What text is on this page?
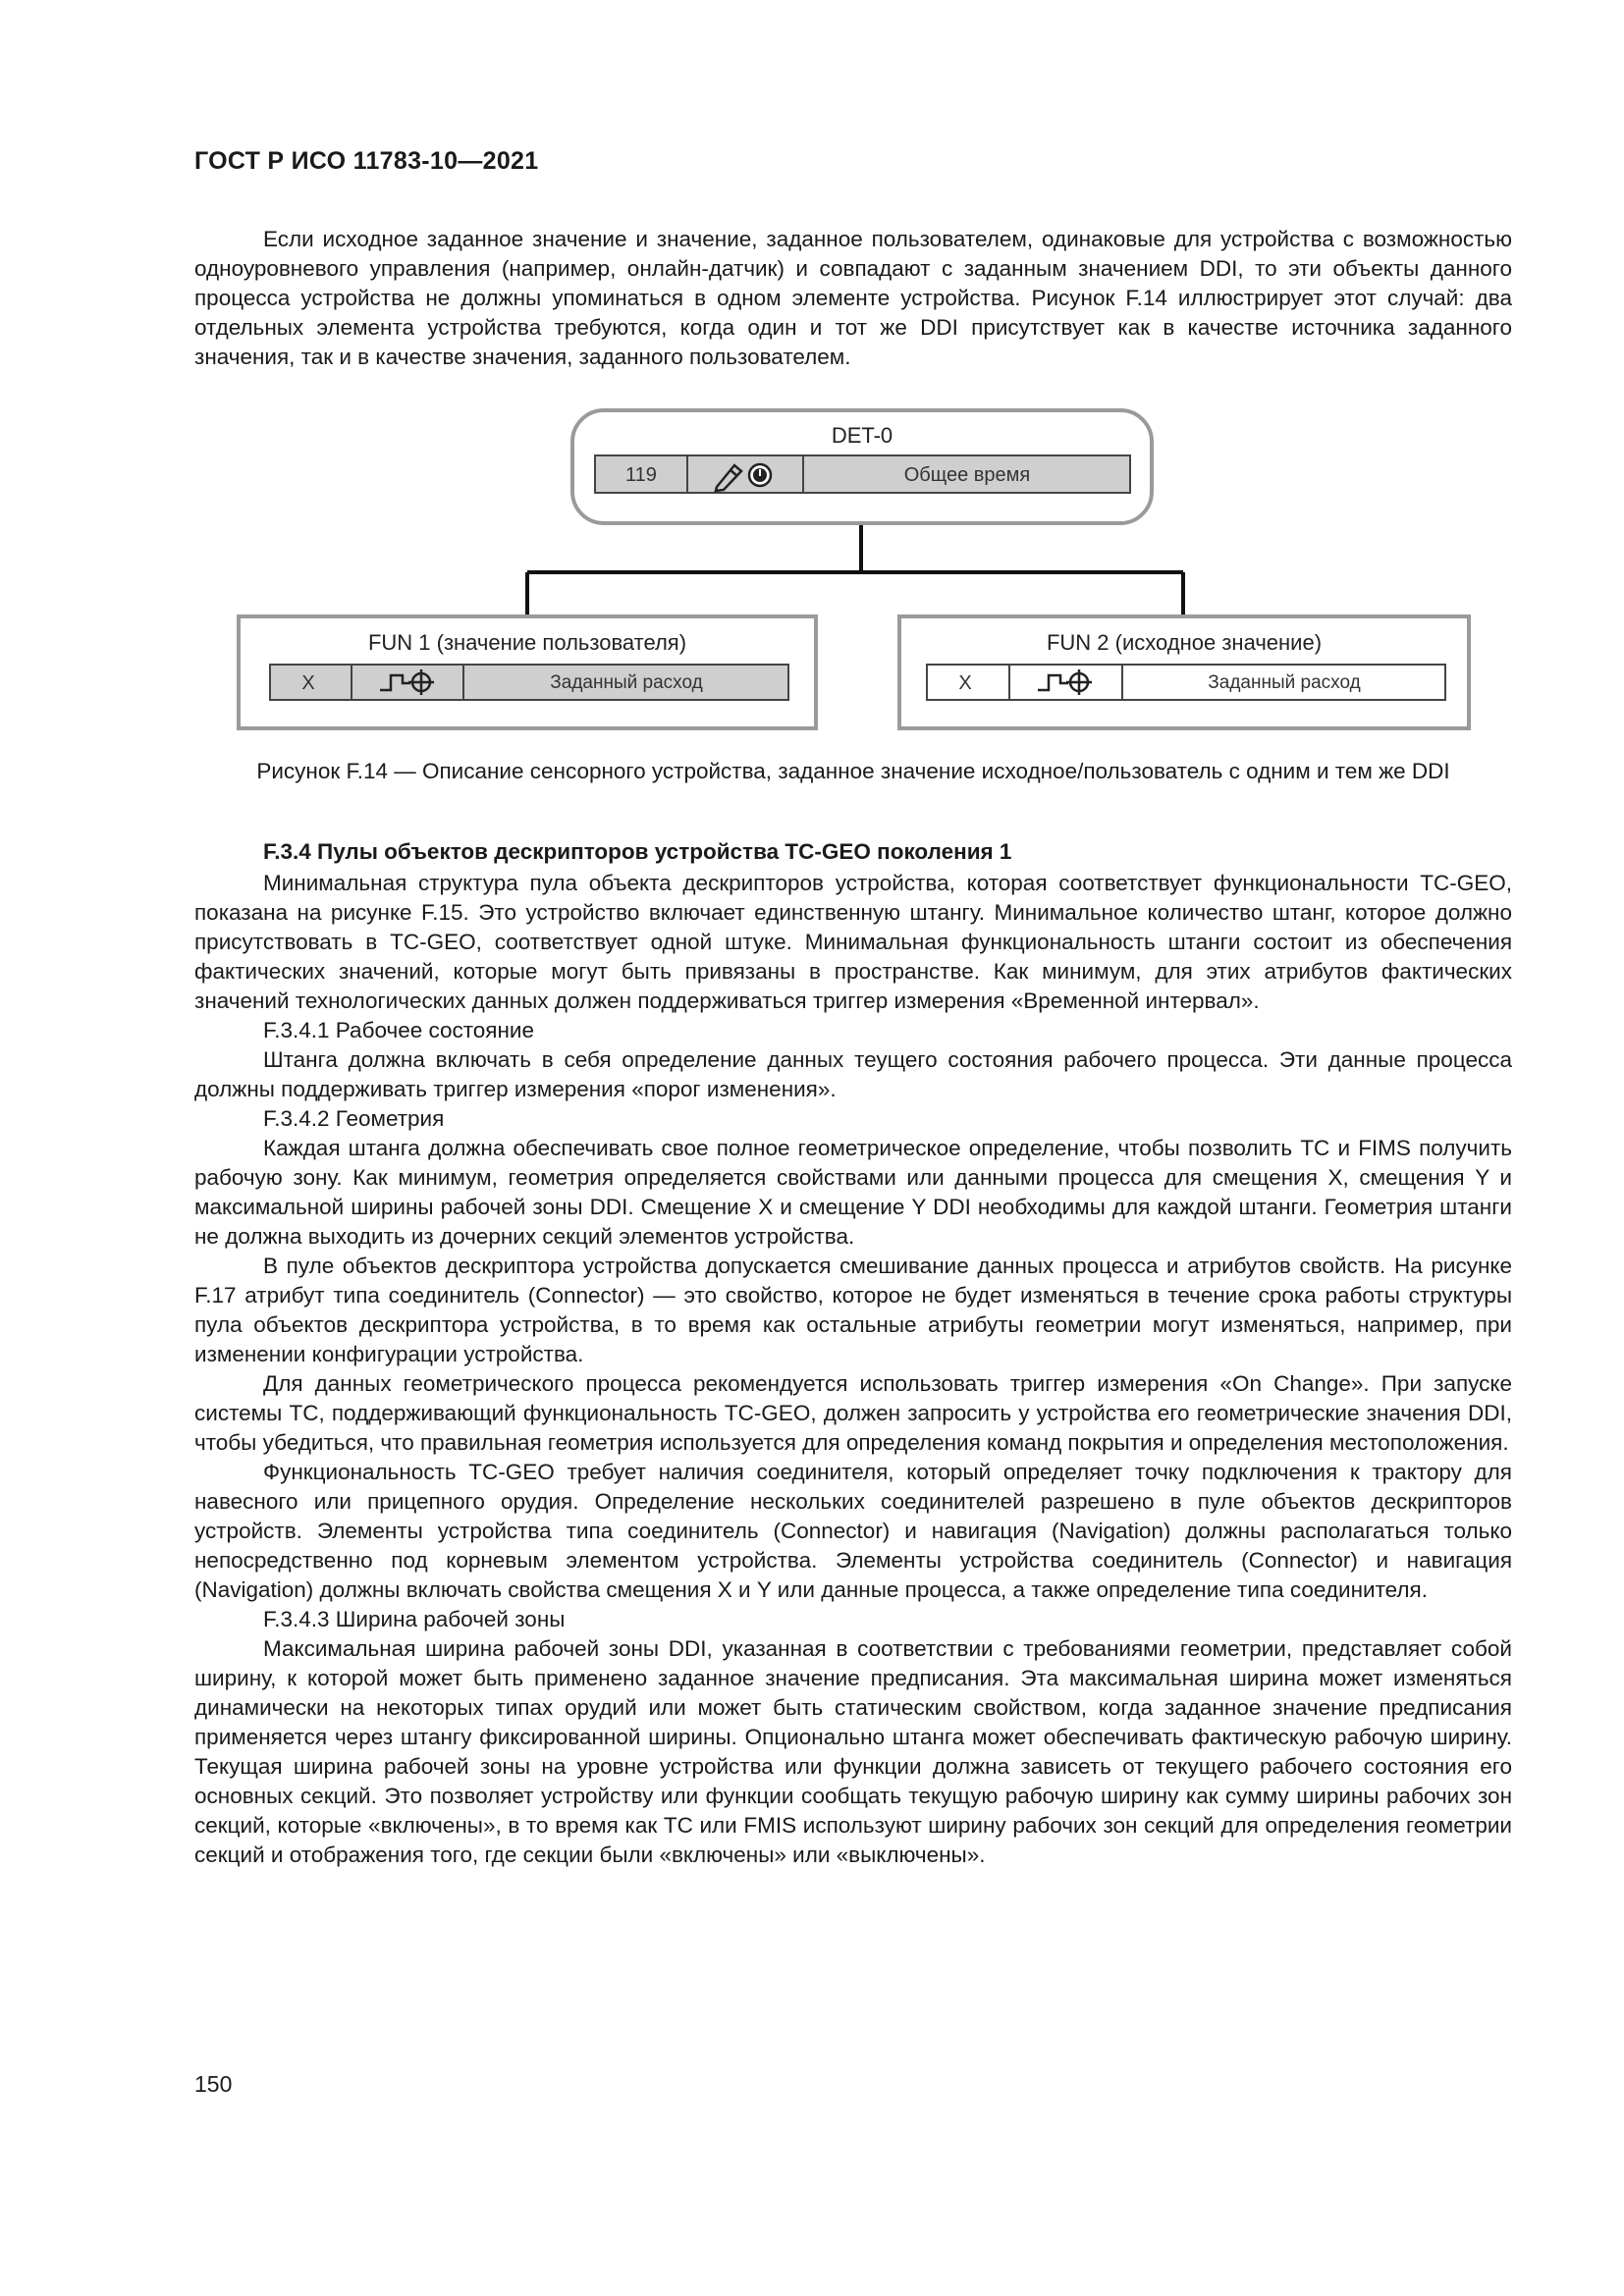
ГОСТ Р ИСО 11783-10—2021

Если исходное заданное значение и значение, заданное пользователем, одинаковые для устройства с возможностью одноуровневого управления (например, онлайн-датчик) и совпадают с заданным значением DDI, то эти объекты данного процесса устройства не должны упоминаться в одном элементе устройства. Рисунок F.14 иллюстрирует этот случай: два отдельных элемента устройства требуются, когда один и тот же DDI присутствует как в качестве источника заданного значения, так и в качестве значения, заданного пользователем.

DET-0
119	Общее время
FUN 1 (значение пользователя)
X	Заданный расход
FUN 2 (исходное значение)
X	Заданный расход
Рисунок F.14 — Описание сенсорного устройства, заданное значение исходное/пользователь с одним и тем же DDI
F.3.4 Пулы объектов дескрипторов устройства TC-GEO поколения 1

Минимальная структура пула объекта дескрипторов устройства, которая соответствует функциональности TC-GEO, показана на рисунке F.15. Это устройство включает единственную штангу. Минимальное количество штанг, которое должно присутствовать в TC-GEO, соответствует одной штуке. Минимальная функциональность штанги состоит из обеспечения фактических значений, которые могут быть привязаны в пространстве. Как минимум, для этих атрибутов фактических значений технологических данных должен поддерживаться триггер измерения «Временной интервал».

F.3.4.1 Рабочее состояние

Штанга должна включать в себя определение данных теущего состояния рабочего процесса. Эти данные процесса должны поддерживать триггер измерения «порог изменения».

F.3.4.2 Геометрия

Каждая штанга должна обеспечивать свое полное геометрическое определение, чтобы позволить TC и FIMS получить рабочую зону. Как минимум, геометрия определяется свойствами или данными процесса для смещения X, смещения Y и максимальной ширины рабочей зоны DDI. Смещение X и смещение Y DDI необходимы для каждой штанги. Геометрия штанги не должна выходить из дочерних секций элементов устройства.

В пуле объектов дескриптора устройства допускается смешивание данных процесса и атрибутов свойств. На рисунке F.17 атрибут типа соединитель (Connector) — это свойство, которое не будет изменяться в течение срока работы структуры пула объектов дескриптора устройства, в то время как остальные атрибуты геометрии могут изменяться, например, при изменении конфигурации устройства.

Для данных геометрического процесса рекомендуется использовать триггер измерения «On Change». При запуске системы TC, поддерживающий функциональность TC-GEO, должен запросить у устройства его геометрические значения DDI, чтобы убедиться, что правильная геометрия используется для определения команд покрытия и определения местоположения.

Функциональность TC-GEO требует наличия соединителя, который определяет точку подключения к трактору для навесного или прицепного орудия. Определение нескольких соединителей разрешено в пуле объектов дескрипторов устройств. Элементы устройства типа соединитель (Connector) и навигация (Navigation) должны располагаться только непосредственно под корневым элементом устройства. Элементы устройства соединитель (Connector) и навигация (Navigation) должны включать свойства смещения X и Y или данные процесса, а также определение типа соединителя.

F.3.4.3 Ширина рабочей зоны

Максимальная ширина рабочей зоны DDI, указанная в соответствии с требованиями геометрии, представляет собой ширину, к которой может быть применено заданное значение предписания. Эта максимальная ширина может изменяться динамически на некоторых типах орудий или может быть статическим свойством, когда заданное значение предписания применяется через штангу фиксированной ширины. Опционально штанга может обеспечивать фактическую рабочую ширину. Текущая ширина рабочей зоны на уровне устройства или функции должна зависеть от текущего рабочего состояния его основных секций. Это позволяет устройству или функции сообщать текущую рабочую ширину как сумму ширины рабочих зон секций, которые «включены», в то время как TC или FMIS используют ширину рабочих зон секций для определения геометрии секций и отображения того, где секции были «включены» или «выключены».

150
